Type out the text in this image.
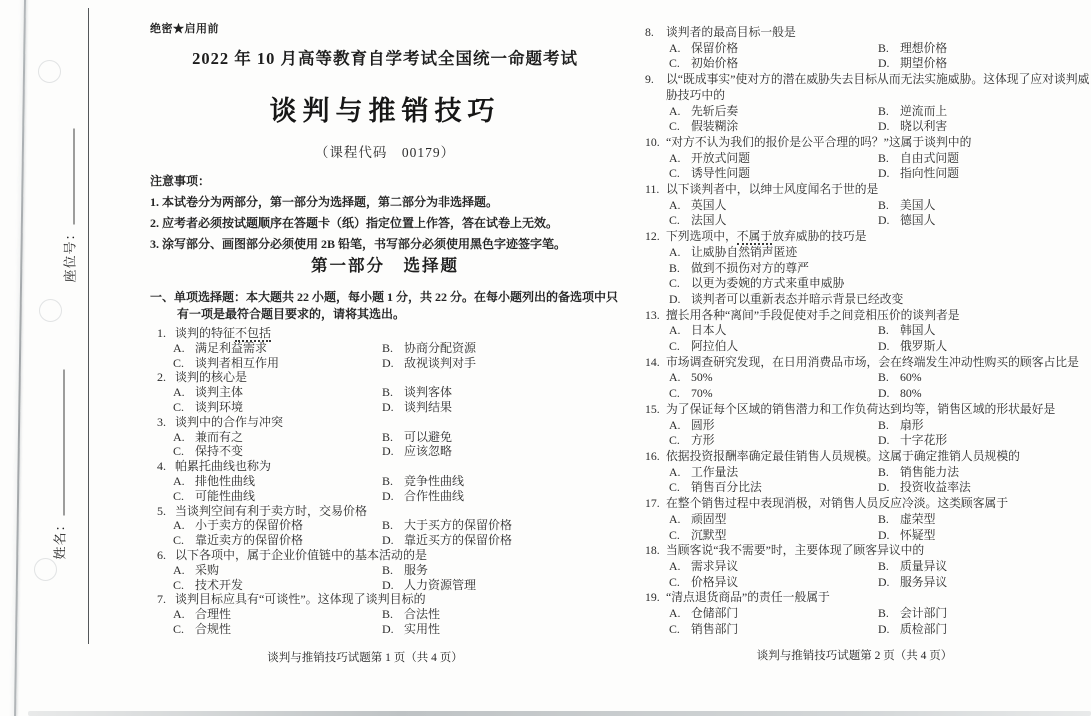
座位号：
姓名：
绝密★启用前
2022 年 10 月高等教育自学考试全国统一命题考试
谈判与推销技巧
（课程代码　00179）
注意事项：
1. 本试卷分为两部分，第一部分为选择题，第二部分为非选择题。
2. 应考者必须按试题顺序在答题卡（纸）指定位置上作答，答在试卷上无效。
3. 涂写部分、画图部分必须使用 2B 铅笔，书写部分必须使用黑色字迹签字笔。
第一部分　选择题
一、单项选择题：本大题共 22 小题，每小题 1 分，共 22 分。在每小题列出的备选项中只有一项是最符合题目要求的，请将其选出。
1. 谈判的特征不包括
A. 满足利益需求	B. 协商分配资源
C. 谈判者相互作用	D. 敌视谈判对手
2. 谈判的核心是
A. 谈判主体	B. 谈判客体
C. 谈判环境	D. 谈判结果
3. 谈判中的合作与冲突
A. 兼而有之	B. 可以避免
C. 保持不变	D. 应该忽略
4. 帕累托曲线也称为
A. 排他性曲线	B. 竞争性曲线
C. 可能性曲线	D. 合作性曲线
5. 当谈判空间有利于卖方时，交易价格
A. 小于卖方的保留价格	B. 大于买方的保留价格
C. 靠近卖方的保留价格	D. 靠近买方的保留价格
6. 以下各项中，属于企业价值链中的基本活动的是
A. 采购	B. 服务
C. 技术开发	D. 人力资源管理
7. 谈判目标应具有“可谈性”。这体现了谈判目标的
A. 合理性	B. 合法性
C. 合规性	D. 实用性
谈判与推销技巧试题第 1 页（共 4 页）
8. 谈判者的最高目标一般是
A. 保留价格	B. 理想价格
C. 初始价格	D. 期望价格
9. 以“既成事实”使对方的潜在威胁失去目标从而无法实施威胁。这体现了应对谈判威胁技巧中的
A. 先斩后奏	B. 逆流而上
C. 假装糊涂	D. 晓以利害
10. “对方不认为我们的报价是公平合理的吗？”这属于谈判中的
A. 开放式问题	B. 自由式问题
C. 诱导性问题	D. 指向性问题
11. 以下谈判者中，以绅士风度闻名于世的是
A. 英国人	B. 美国人
C. 法国人	D. 德国人
12. 下列选项中，不属于放弃威胁的技巧是
A. 让威胁自然销声匿迹
B. 做到不损伤对方的尊严
C. 以更为委婉的方式来重申威胁
D. 谈判者可以重新表态并暗示背景已经改变
13. 擅长用各种“离间”手段促使对手之间竞相压价的谈判者是
A. 日本人	B. 韩国人
C. 阿拉伯人	D. 俄罗斯人
14. 市场调查研究发现，在日用消费品市场，会在终端发生冲动性购买的顾客占比是
A. 50%	B. 60%
C. 70%	D. 80%
15. 为了保证每个区域的销售潜力和工作负荷达到均等，销售区域的形状最好是
A. 圆形	B. 扇形
C. 方形	D. 十字花形
16. 依据投资报酬率确定最佳销售人员规模。这属于确定推销人员规模的
A. 工作量法	B. 销售能力法
C. 销售百分比法	D. 投资收益率法
17. 在整个销售过程中表现消极，对销售人员反应冷淡。这类顾客属于
A. 顽固型	B. 虚荣型
C. 沉默型	D. 怀疑型
18. 当顾客说“我不需要”时，主要体现了顾客异议中的
A. 需求异议	B. 质量异议
C. 价格异议	D. 服务异议
19. “清点退货商品”的责任一般属于
A. 仓储部门	B. 会计部门
C. 销售部门	D. 质检部门
谈判与推销技巧试题第 2 页（共 4 页）
